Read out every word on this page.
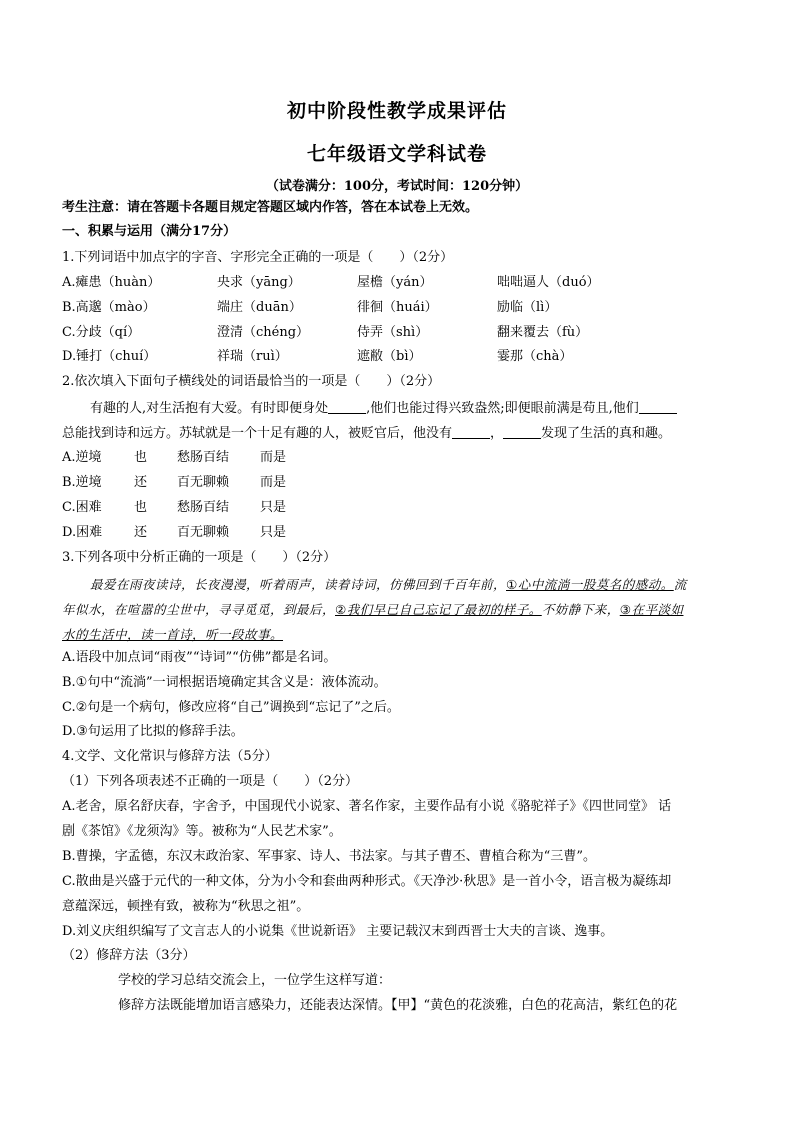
初中阶段性教学成果评估
七年级语文学科试卷
（试卷满分：100分，考试时间：120分钟）
考生注意：请在答题卡各题目规定答题区域内作答，答在本试卷上无效。
一、积累与运用（满分17分）
1.下列词语中加点字的字音、字形完全正确的一项是（　　）（2分）
A.瘫患（huàn）	央求（yāng）	屋檐（yán）	咄咄逼人（duó）
B.高邈（mào）	端庄（duān）	徘徊（huái）	励临（lì）
C.分歧（qí）	澄清（chéng）	侍弄（shì）	翻来覆去（fù）
D.锤打（chuí）	祥瑞（ruì）	遮敝（bì）	霎那（chà）
2.依次填入下面句子横线处的词语最恰当的一项是（　　）（2分）
有趣的人,对生活抱有大爱。有时即便身处	,他们也能过得兴致盎然;即便眼前满是苟且,他们
总能找到诗和远方。苏轼就是一个十足有趣的人，被贬官后，他没有	，	发现了生活的真和趣。
A.逆境 也 愁肠百结 而是
B.逆境 还 百无聊赖 而是
C.困难 也 愁肠百结 只是
D.困难 还 百无聊赖 只是
3.下列各项中分析正确的一项是（　　）（2分）
最爱在雨夜读诗，长夜漫漫，听着雨声，读着诗词，仿佛回到千百年前，①心中流淌一股莫名的感动。流
年似水，在喧嚣的尘世中，寻寻觅觅，到最后，②我们早已自己忘记了最初的样子。不妨静下来，③在平淡如
水的生活中，读一首诗，听一段故事。
A.语段中加点词“雨夜”“诗词”“仿佛”都是名词。
B.①句中“流淌”一词根据语境确定其含义是：液体流动。
C.②句是一个病句，修改应将“自己”调换到“忘记了”之后。
D.③句运用了比拟的修辞手法。
4.文学、文化常识与修辞方法（5分）
（1）下列各项表述不正确的一项是（　　）（2分）
A.老舍，原名舒庆春，字舍予，中国现代小说家、著名作家，主要作品有小说《骆驼祥子》《四世同堂》 话
剧《茶馆》《龙须沟》等。被称为“人民艺术家”。
B.曹操，字孟德，东汉末政治家、军事家、诗人、书法家。与其子曹丕、曹植合称为“三曹”。
C.散曲是兴盛于元代的一种文体，分为小令和套曲两种形式。《天净沙·秋思》是一首小令，语言极为凝练却
意蕴深远，顿挫有致，被称为“秋思之祖”。
D.刘义庆组织编写了文言志人的小说集《世说新语》 主要记载汉末到西晋士大夫的言谈、逸事。
（2）修辞方法（3分）
学校的学习总结交流会上，一位学生这样写道：
修辞方法既能增加语言感染力，还能表达深情。【甲】“黄色的花淡雅，白色的花高洁，紫红色的花
